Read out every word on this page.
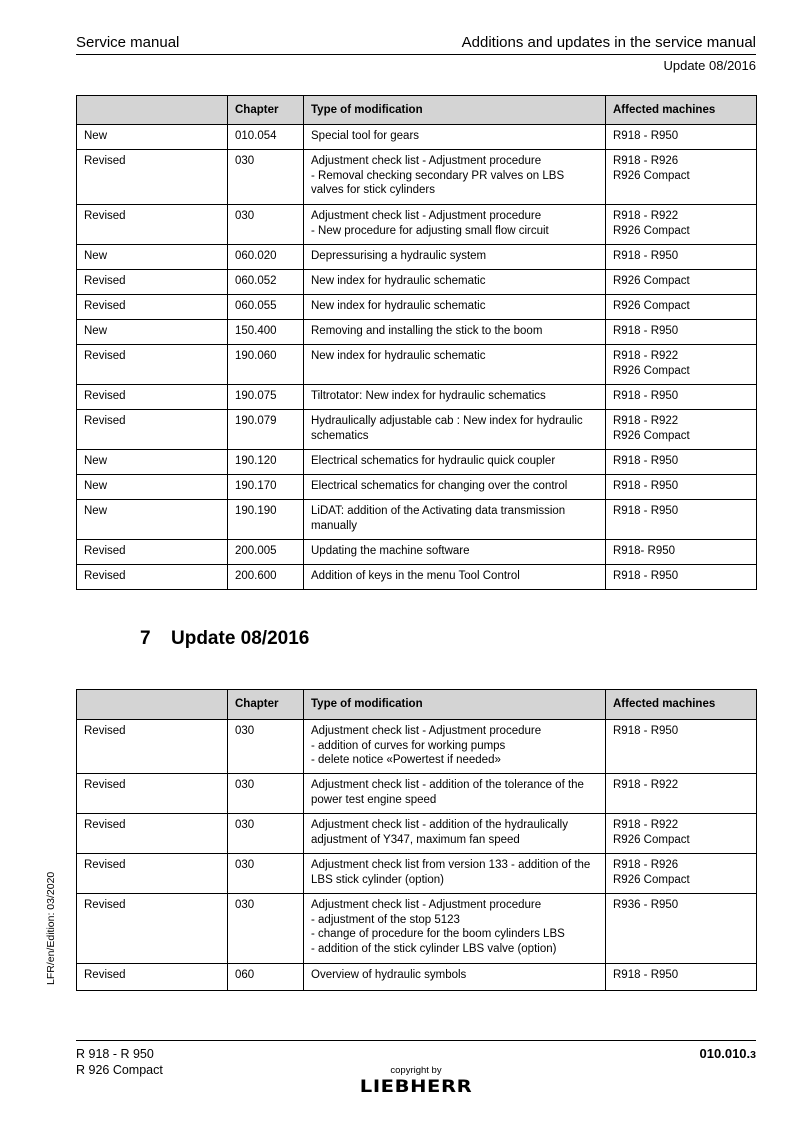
Service manual	Additions and updates in the service manual
Update 08/2016
	Chapter	Type of modification	Affected machines

New	010.054	Special tool for gears	R918 - R950

Revised	030	Adjustment check list - Adjustment procedure
- Removal checking secondary PR valves on LBS
valves for stick cylinders	R918 - R926
R926 Compact

Revised	030	Adjustment check list - Adjustment procedure
- New procedure for adjusting small flow circuit	R918 - R922
R926 Compact

New	060.020	Depressurising a hydraulic system	R918 - R950

Revised	060.052	New index for hydraulic schematic	R926 Compact

Revised	060.055	New index for hydraulic schematic	R926 Compact

New	150.400	Removing and installing the stick to the boom	R918 - R950

Revised	190.060	New index for hydraulic schematic	R918 - R922
R926 Compact

Revised	190.075	Tiltrotator: New index for hydraulic schematics	R918 - R950

Revised	190.079	Hydraulically adjustable cab : New index for hydraulic
schematics	R918 - R922
R926 Compact

New	190.120	Electrical schematics for hydraulic quick coupler	R918 - R950

New	190.170	Electrical schematics for changing over the control	R918 - R950

New	190.190	LiDAT: addition of the Activating data transmission
manually	R918 - R950

Revised	200.005	Updating the machine software	R918- R950

Revised	200.600	Addition of keys in the menu Tool Control	R918 - R950
7 Update 08/2016
	Chapter	Type of modification	Affected machines

Revised	030	Adjustment check list - Adjustment procedure
- addition of curves for working pumps
- delete notice «Powertest if needed»	R918 - R950

Revised	030	Adjustment check list - addition of the tolerance of the
power test engine speed	R918 - R922

Revised	030	Adjustment check list - addition of the hydraulically
adjustment of Y347, maximum fan speed	R918 - R922
R926 Compact

Revised	030	Adjustment check list from version 133 - addition of the
LBS stick cylinder (option)	R918 - R926
R926 Compact

Revised	030	Adjustment check list - Adjustment procedure
- adjustment of the stop 5123
- change of procedure for the boom cylinders LBS
- addition of the stick cylinder LBS valve (option)	R936 - R950

Revised	060	Overview of hydraulic symbols	R918 - R950
LFR/en/Edition: 03/2020
R 918 - R 950
R 926 Compact
010.010.3
copyright by
LIEBHERR
